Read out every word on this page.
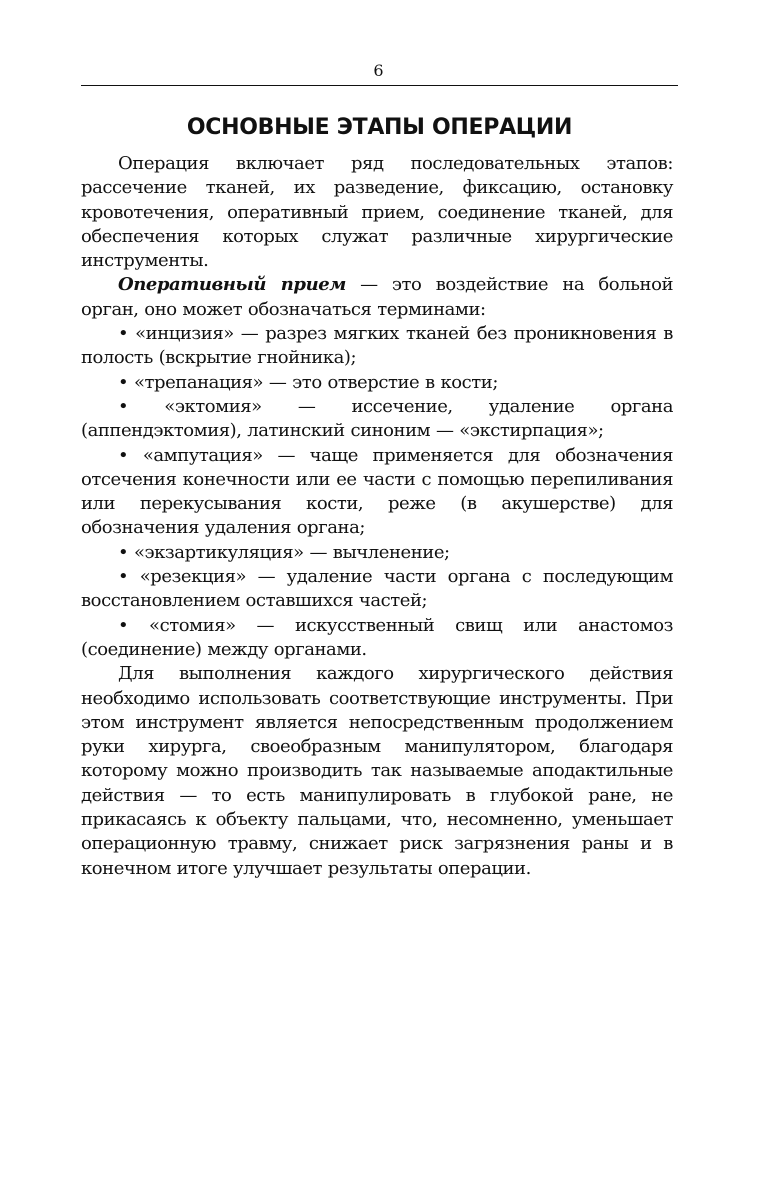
6
ОСНОВНЫЕ ЭТАПЫ ОПЕРАЦИИ

Операция включает ряд последовательных этапов: рассечение тканей, их разведение, фиксацию, остановку кровотечения, оперативный прием, соединение тканей, для обеспечения которых служат различные хирургические инструменты.

Оперативный прием — это воздействие на больной орган, оно может обозначаться терминами:

• «инцизия» — разрез мягких тканей без проникновения в полость (вскрытие гнойника);

• «трепанация» — это отверстие в кости;

• «эктомия» — иссечение, удаление органа (аппендэктомия), латинский синоним — «экстирпация»;

• «ампутация» — чаще применяется для обозначения отсечения конечности или ее части с помощью перепиливания или перекусывания кости, реже (в акушерстве) для обозначения удаления органа;

• «экзартикуляция» — вычленение;

• «резекция» — удаление части органа с последующим восстановлением оставшихся частей;

• «стомия» — искусственный свищ или анастомоз (соединение) между органами.

Для выполнения каждого хирургического действия необходимо использовать соответствующие инструменты. При этом инструмент является непосредственным продолжением руки хирурга, своеобразным манипулятором, благодаря которому можно производить так называемые аподактильные действия — то есть манипулировать в глубокой ране, не прикасаясь к объекту пальцами, что, несомненно, уменьшает операционную травму, снижает риск загрязнения раны и в конечном итоге улучшает результаты операции.
